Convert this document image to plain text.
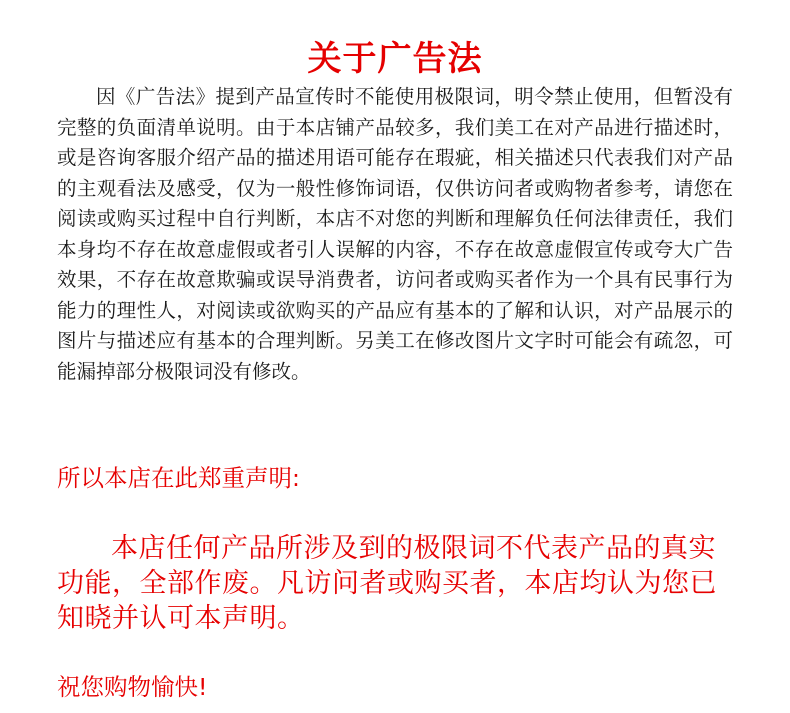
关于广告法

因《广告法》提到产品宣传时不能使用极限词，明令禁止使用，但暂没有完整的负面清单说明。由于本店铺产品较多，我们美工在对产品进行描述时，或是咨询客服介绍产品的描述用语可能存在瑕疵，相关描述只代表我们对产品的主观看法及感受，仅为一般性修饰词语，仅供访问者或购物者参考，请您在阅读或购买过程中自行判断，本店不对您的判断和理解负任何法律责任，我们本身均不存在故意虚假或者引人误解的内容，不存在故意虚假宣传或夸大广告效果，不存在故意欺骗或误导消费者，访问者或购买者作为一个具有民事行为能力的理性人，对阅读或欲购买的产品应有基本的了解和认识，对产品展示的图片与描述应有基本的合理判断。另美工在修改图片文字时可能会有疏忽，可能漏掉部分极限词没有修改。

所以本店在此郑重声明:

本店任何产品所涉及到的极限词不代表产品的真实功能，全部作废。凡访问者或购买者，本店均认为您已知晓并认可本声明。

祝您购物愉快!
